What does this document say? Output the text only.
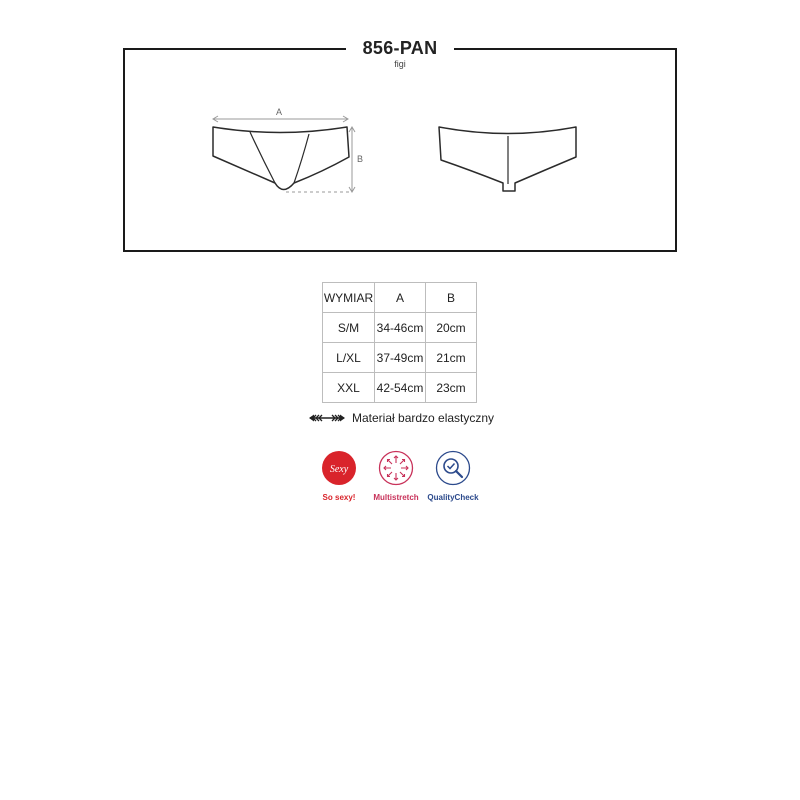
856-PAN
figi
A
B
WYMIAR	A	B
S/M	34-46cm	20cm
L/XL	37-49cm	21cm
XXL	42-54cm	23cm
Materiał bardzo elastyczny
Sexy
So sexy!	Multistretch	QualityCheck
